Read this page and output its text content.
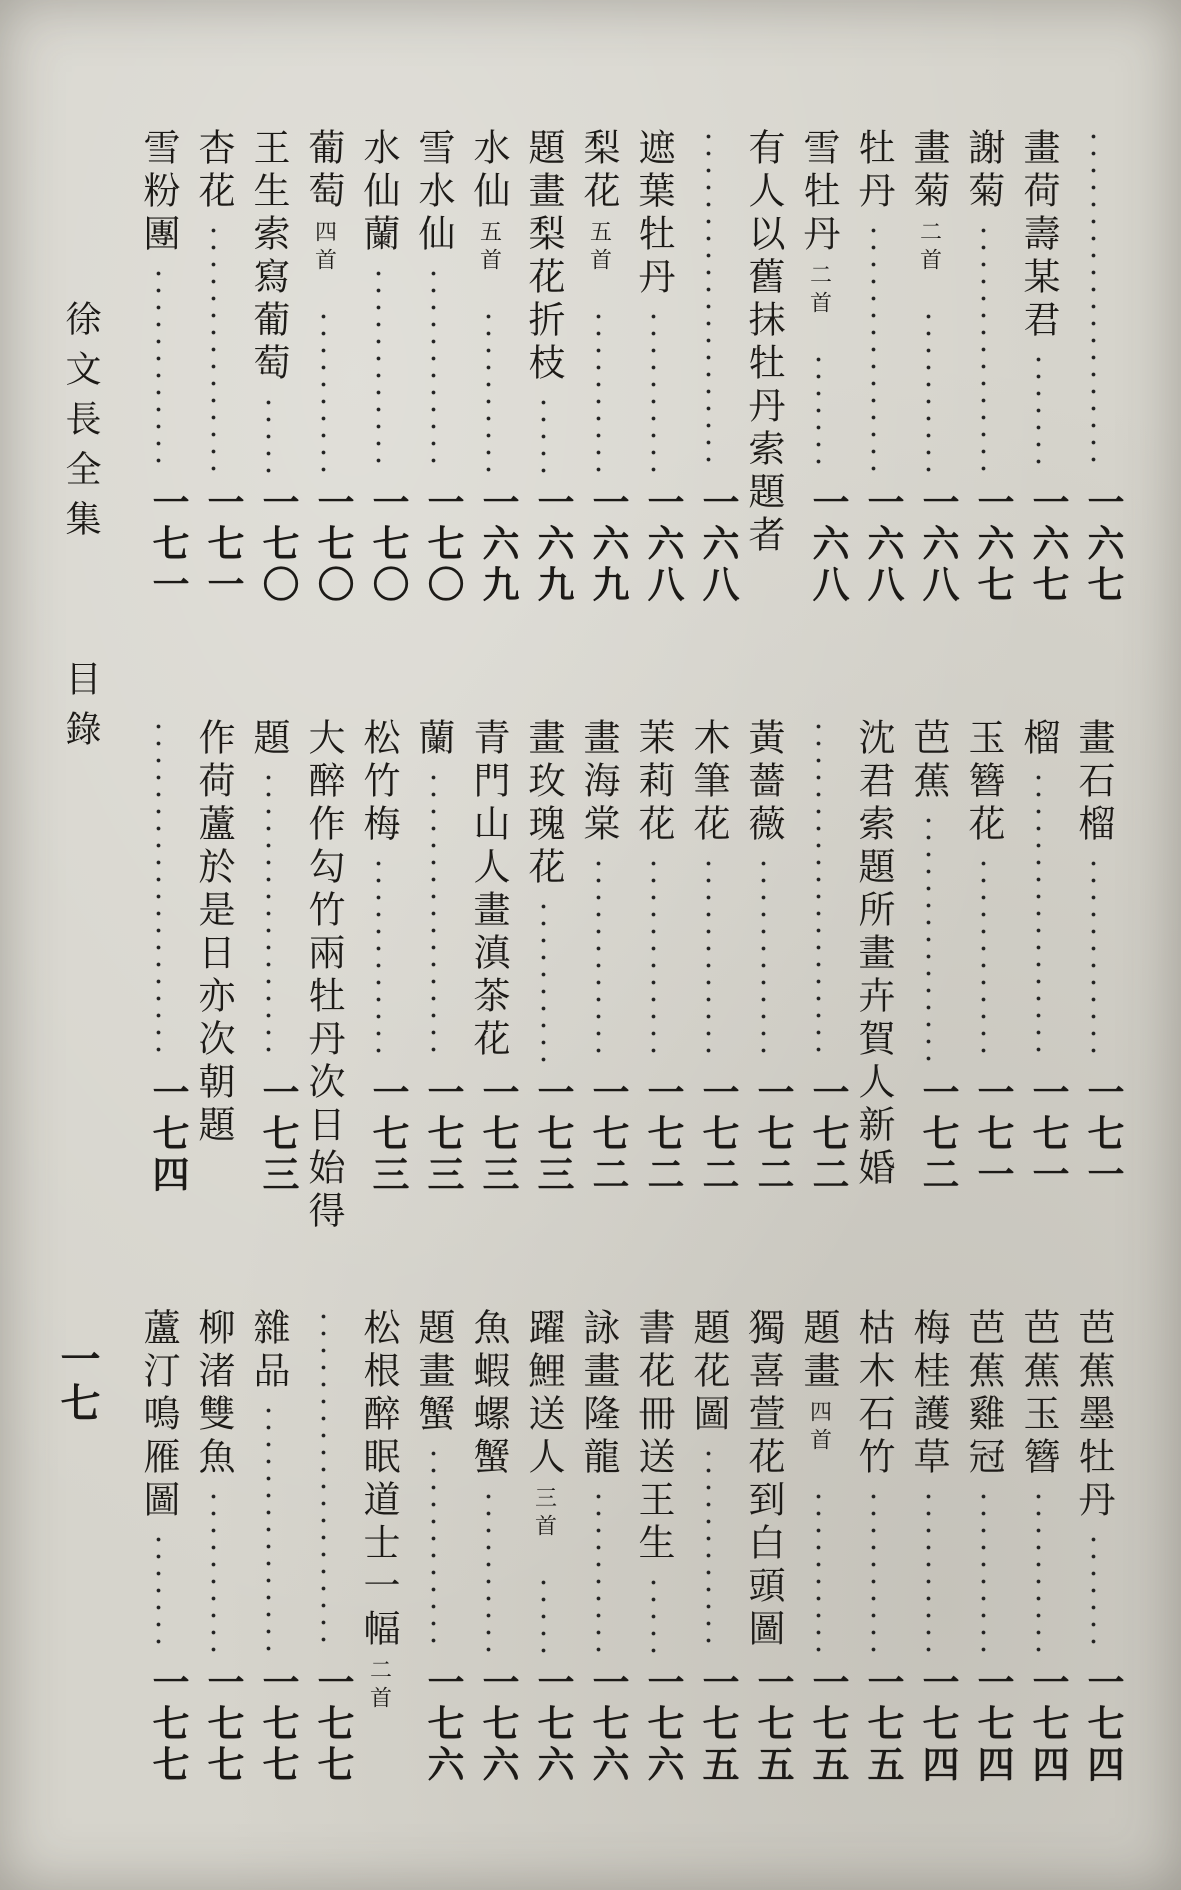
徐文長全集
目錄
一七
一六七
畫荷壽某君
一六七
謝菊
一六七
畫菊
二首
一六八
牡丹
一六八
雪牡丹
二首
一六八
有人以舊抹牡丹索題者
一六八
遮葉牡丹
一六八
梨花
五首
一六九
題畫梨花折枝
一六九
水仙
五首
一六九
雪水仙
一七〇
水仙蘭
一七〇
葡萄
四首
一七〇
王生索寫葡萄
一七〇
杏花
一七一
雪粉團
一七一
畫石榴
一七一
榴
一七一
玉簪花
一七一
芭蕉
一七二
沈君索題所畫卉賀人新婚
一七二
黃薔薇
一七二
木筆花
一七二
茉莉花
一七二
畫海棠
一七二
畫玫瑰花
一七三
青門山人畫滇茶花
一七三
蘭
一七三
松竹梅
一七三
大醉作勾竹兩牡丹次日始得
題
一七三
作荷蘆於是日亦次朝題
一七四
芭蕉墨牡丹
一七四
芭蕉玉簪
一七四
芭蕉雞冠
一七四
梅桂護草
一七四
枯木石竹
一七五
題畫
四首
一七五
獨喜萱花到白頭圖
一七五
題花圖
一七五
書花冊送王生
一七六
詠畫隆龍
一七六
躍鯉送人
三首
一七六
魚蝦螺蟹
一七六
題畫蟹
一七六
松根醉眠道士一幅
二首
一七七
雜品
一七七
柳渚雙魚
一七七
蘆汀鳴雁圖
一七七
